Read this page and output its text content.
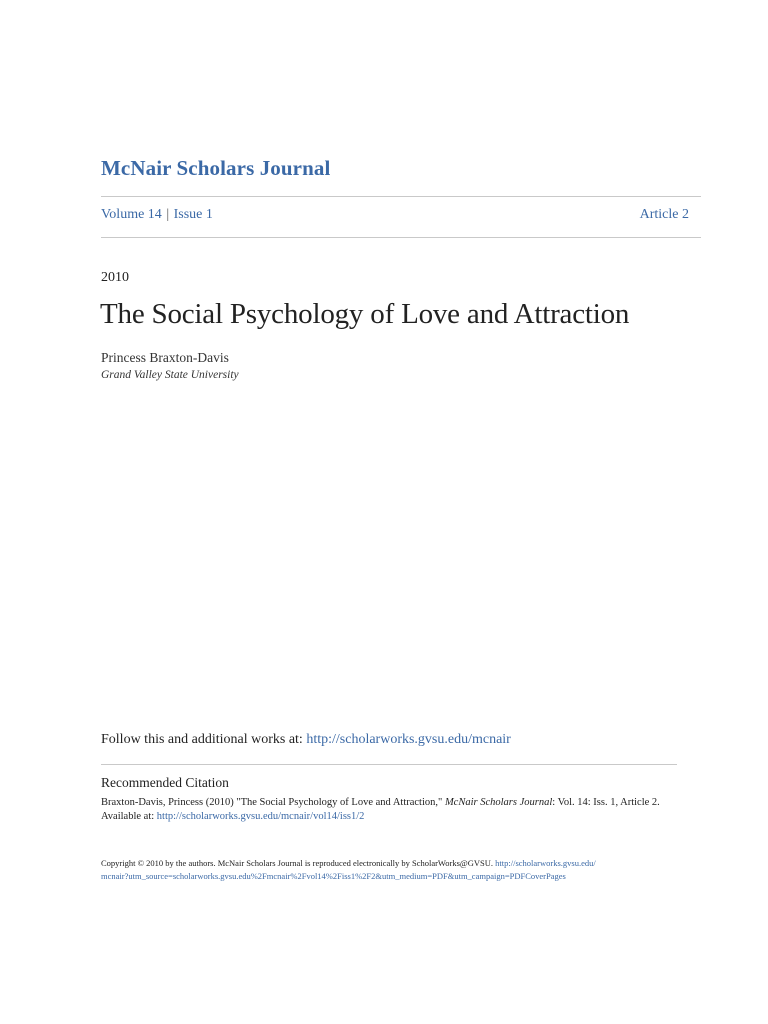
McNair Scholars Journal
Volume 14 | Issue 1	Article 2
2010
The Social Psychology of Love and Attraction
Princess Braxton-Davis
Grand Valley State University
Follow this and additional works at: http://scholarworks.gvsu.edu/mcnair
Recommended Citation
Braxton-Davis, Princess (2010) "The Social Psychology of Love and Attraction," McNair Scholars Journal: Vol. 14: Iss. 1, Article 2.
Available at: http://scholarworks.gvsu.edu/mcnair/vol14/iss1/2
Copyright © 2010 by the authors. McNair Scholars Journal is reproduced electronically by ScholarWorks@GVSU. http://scholarworks.gvsu.edu/
mcnair?utm_source=scholarworks.gvsu.edu%2Fmcnair%2Fvol14%2Fiss1%2F2&utm_medium=PDF&utm_campaign=PDFCoverPages
